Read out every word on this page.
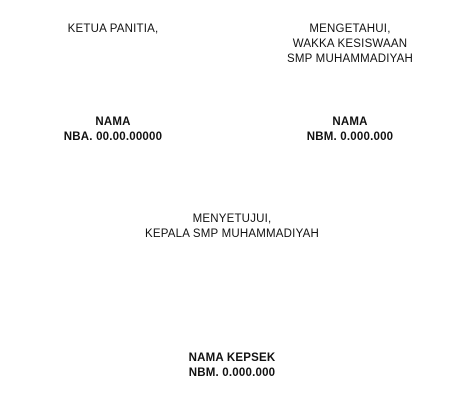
KETUA PANITIA,
NAMA
NBA. 00.00.00000
MENGETAHUI,
WAKKA KESISWAAN
SMP MUHAMMADIYAH
NAMA
NBM. 0.000.000
MENYETUJUI,
KEPALA SMP MUHAMMADIYAH
NAMA KEPSEK
NBM. 0.000.000
